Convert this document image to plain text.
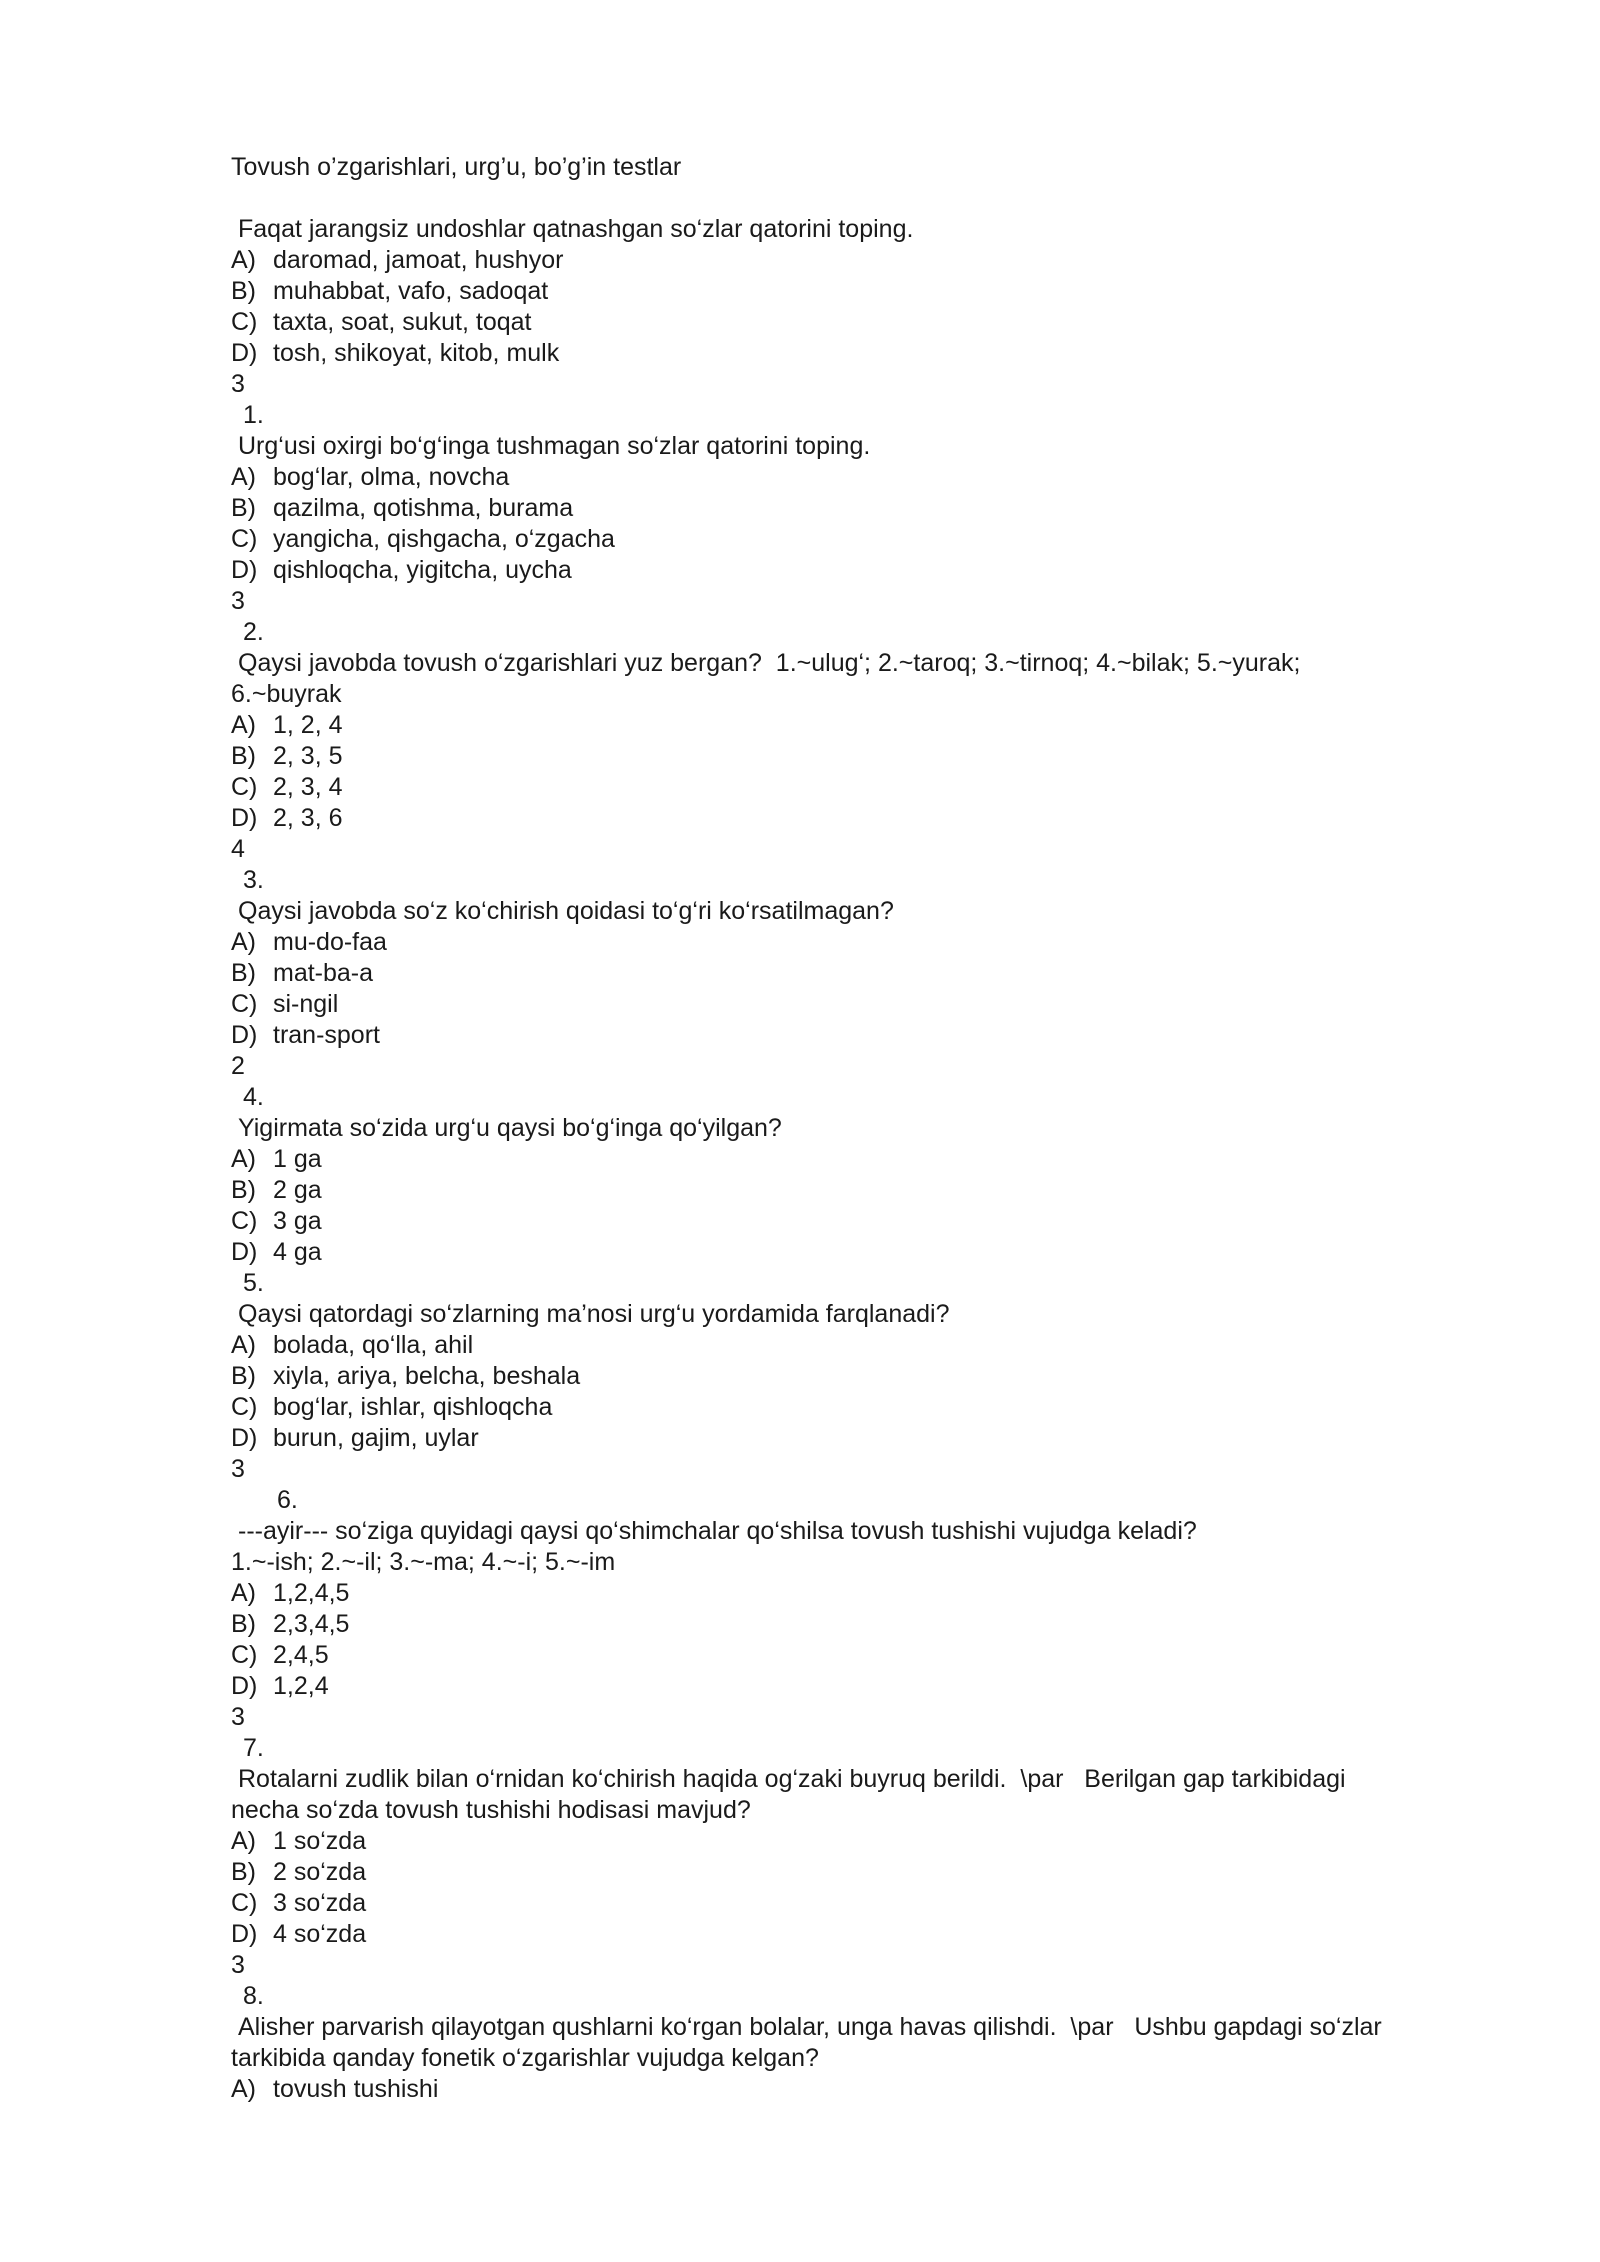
Tovush o’zgarishlari, urg’u, bo’g’in testlar
Faqat jarangsiz undoshlar qatnashgan so‘zlar qatorini toping.
A) daromad, jamoat, hushyor
B) muhabbat, vafo, sadoqat
C) taxta, soat, sukut, toqat
D) tosh, shikoyat, kitob, mulk
3
1.
Urg‘usi oxirgi bo‘g‘inga tushmagan so‘zlar qatorini toping.
A) bog‘lar, olma, novcha
B) qazilma, qotishma, burama
C) yangicha, qishgacha, o‘zgacha
D) qishloqcha, yigitcha, uycha
3
2.
Qaysi javobda tovush o‘zgarishlari yuz bergan?  1.~ulug‘; 2.~taroq; 3.~tirnoq; 4.~bilak; 5.~yurak;
6.~buyrak
A) 1, 2, 4
B) 2, 3, 5
C) 2, 3, 4
D) 2, 3, 6
4
3.
Qaysi javobda so‘z ko‘chirish qoidasi to‘g‘ri ko‘rsatilmagan?
A) mu-do-faa
B) mat-ba-a
C) si-ngil
D) tran-sport
2
4.
Yigirmata so‘zida urg‘u qaysi bo‘g‘inga qo‘yilgan?
A) 1 ga
B) 2 ga
C) 3 ga
D) 4 ga
5.
Qaysi qatordagi so‘zlarning ma’nosi urg‘u yordamida farqlanadi?
A) bolada, qo‘lla, ahil
B) xiyla, ariya, belcha, beshala
C) bog‘lar, ishlar, qishloqcha
D) burun, gajim, uylar
3
6.
---ayir--- so‘ziga quyidagi qaysi qo‘shimchalar qo‘shilsa tovush tushishi vujudga keladi?
1.~-ish; 2.~-il; 3.~-ma; 4.~-i; 5.~-im
A) 1,2,4,5
B) 2,3,4,5
C) 2,4,5
D) 1,2,4
3
7.
Rotalarni zudlik bilan o‘rnidan ko‘chirish haqida og‘zaki buyruq berildi.  \par   Berilgan gap tarkibidagi
necha so‘zda tovush tushishi hodisasi mavjud?
A) 1 so‘zda
B) 2 so‘zda
C) 3 so‘zda
D) 4 so‘zda
3
8.
Alisher parvarish qilayotgan qushlarni ko‘rgan bolalar, unga havas qilishdi.  \par   Ushbu gapdagi so‘zlar
tarkibida qanday fonetik o‘zgarishlar vujudga kelgan?
A) tovush tushishi
